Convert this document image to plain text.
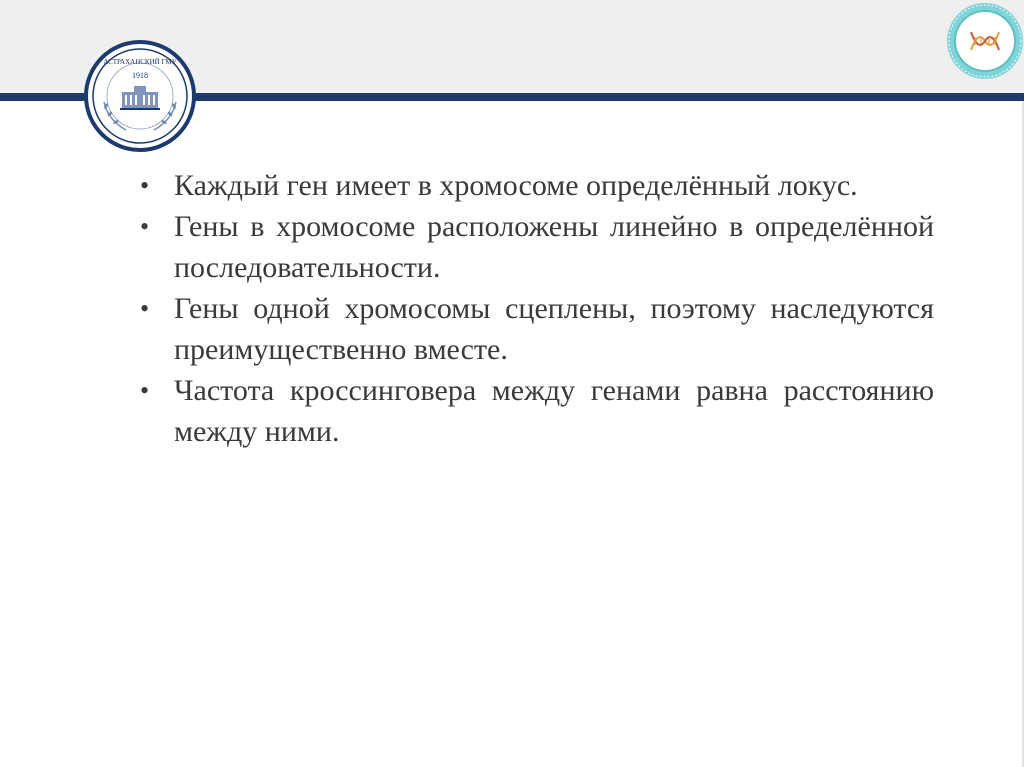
АСТРАХАНСКИЙ ГМУ
1918
• Каждый ген имеет в хромосоме определённый локус.
• Гены в хромосоме расположены линейно в определённой последовательности.
• Гены одной хромосомы сцеплены, поэтому наследуются преимущественно вместе.
• Частота кроссинговера между генами равна расстоянию между ними.
